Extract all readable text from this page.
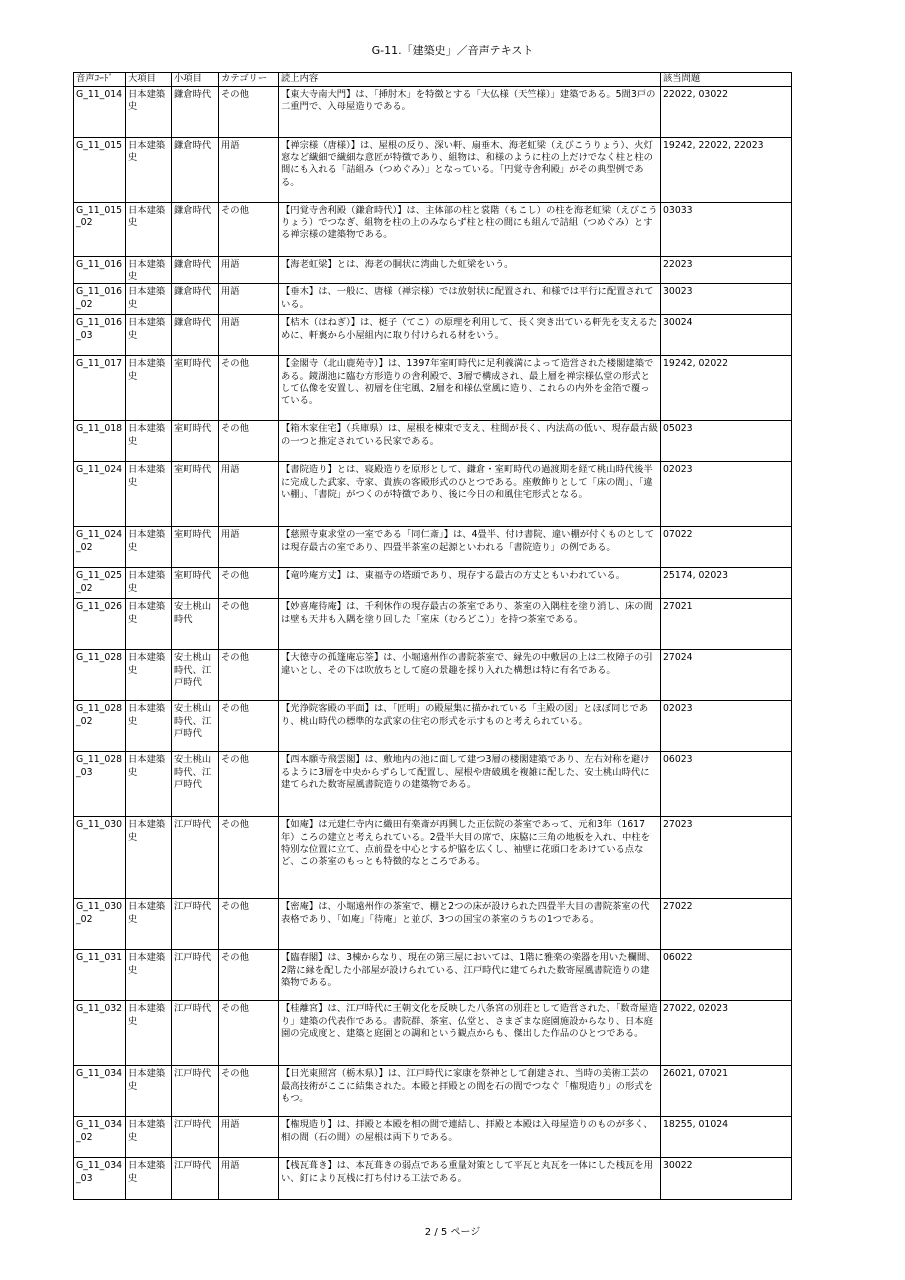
G-11.「建築史」／音声テキスト
音声ｺｰﾄﾞ	大項目	小項目	カテゴリー	読上内容	該当問題
G_11_014	日本建築史	鎌倉時代	その他	【東大寺南大門】は、「挿肘木」を特徴とする「大仏様（天竺様）」建築である。5間3戸の二重門で、入母屋造りである。	22022, 03022
G_11_015	日本建築史	鎌倉時代	用語	【禅宗様（唐様）】は、屋根の反り、深い軒、扇垂木、海老虹梁（えびこうりょう）、火灯窓など繊細で繊細な意匠が特徴であり、組物は、和様のように柱の上だけでなく柱と柱の間にも入れる「詰組み（つめぐみ）」となっている。「円覚寺舎利殿」がその典型例である。	19242, 22022, 22023
G_11_015_02	日本建築史	鎌倉時代	その他	【円覚寺舎利殿（鎌倉時代）】は、主体部の柱と裳階（もこし）の柱を海老虹梁（えびこうりょう）でつなぎ、組物を柱の上のみならず柱と柱の間にも組んで詰組（つめぐみ）とする禅宗様の建築物である。	03033
G_11_016	日本建築史	鎌倉時代	用語	【海老虹梁】とは、海老の胴状に湾曲した虹梁をいう。	22023
G_11_016_02	日本建築史	鎌倉時代	用語	【垂木】は、一般に、唐様（禅宗様）では放射状に配置され、和様では平行に配置されている。	30023
G_11_016_03	日本建築史	鎌倉時代	用語	【桔木（はねぎ）】は、梃子（てこ）の原理を利用して、長く突き出ている軒先を支えるために、軒裏から小屋組内に取り付けられる材をいう。	30024
G_11_017	日本建築史	室町時代	その他	【金閣寺（北山鹿苑寺）】は、1397年室町時代に足利義満によって造営された楼閣建築である。鏡湖池に臨む方形造りの舎利殿で、3層で構成され、最上層を禅宗様仏堂の形式として仏像を安置し、初層を住宅風、2層を和様仏堂風に造り、これらの内外を金箔で覆っている。	19242, 02022
G_11_018	日本建築史	室町時代	その他	【箱木家住宅】（兵庫県）は、屋根を棟束で支え、柱間が長く、内法高の低い、現存最古級の一つと推定されている民家である。	05023
G_11_024	日本建築史	室町時代	用語	【書院造り】とは、寝殿造りを原形として、鎌倉・室町時代の過渡期を経て桃山時代後半に完成した武家、寺家、貴族の客殿形式のひとつである。座敷飾りとして「床の間」、「違い棚」、「書院」がつくのが特徴であり、後に今日の和風住宅形式となる。	02023
G_11_024_02	日本建築史	室町時代	用語	【慈照寺東求堂の一室である「同仁斎」】は、4畳半、付け書院、違い棚が付くものとしては現存最古の室であり、四畳半茶室の起源といわれる「書院造り」の例である。	07022
G_11_025_02	日本建築史	室町時代	その他	【竜吟庵方丈】は、東福寺の塔頭であり、現存する最古の方丈ともいわれている。	25174, 02023
G_11_026	日本建築史	安土桃山時代	その他	【妙喜庵待庵】は、千利休作の現存最古の茶室であり、茶室の入隅柱を塗り消し、床の間は壁も天井も入隅を塗り回した「室床（むろどこ）」を持つ茶室である。	27021
G_11_028	日本建築史	安土桃山時代、江戸時代	その他	【大徳寺の孤篷庵忘筌】は、小堀遠州作の書院茶室で、縁先の中敷居の上は二枚障子の引違いとし、その下は吹放ちとして庭の景趣を採り入れた構想は特に有名である。	27024
G_11_028_02	日本建築史	安土桃山時代、江戸時代	その他	【光浄院客殿の平面】は、「匠明」の殿屋集に描かれている「主殿の図」とほぼ同じであり、桃山時代の標準的な武家の住宅の形式を示すものと考えられている。	02023
G_11_028_03	日本建築史	安土桃山時代、江戸時代	その他	【西本願寺飛雲閣】は、敷地内の池に面して建つ3層の楼閣建築であり、左右対称を避けるように3層を中央からずらして配置し、屋根や唐破風を複雑に配した、安土桃山時代に建てられた数寄屋風書院造りの建築物である。	06023
G_11_030	日本建築史	江戸時代	その他	【如庵】は元建仁寺内に織田有楽斎が再興した正伝院の茶室であって、元和3年（1617年）ころの建立と考えられている。2畳半大目の席で、床脇に三角の地板を入れ、中柱を特別な位置に立て、点前畳を中心とする炉脇を広くし、袖壁に花頭口をあけている点など、この茶室のもっとも特徴的なところである。	27023
G_11_030_02	日本建築史	江戸時代	その他	【密庵】は、小堀遠州作の茶室で、棚と2つの床が設けられた四畳半大目の書院茶室の代表格であり、「如庵」「待庵」と並び、3つの国宝の茶室のうちの1つである。	27022
G_11_031	日本建築史	江戸時代	その他	【臨春閣】は、3棟からなり、現在の第三屋においては、1階に雅楽の楽器を用いた欄間、2階に縁を配した小部屋が設けられている、江戸時代に建てられた数寄屋風書院造りの建築物である。	06022
G_11_032	日本建築史	江戸時代	その他	【桂離宮】は、江戸時代に王朝文化を反映した八条宮の別荘として造営された、「数奇屋造り」建築の代表作である。書院群、茶室、仏堂と、さまざまな庭園施設からなり、日本庭園の完成度と、建築と庭園との調和という観点からも、傑出した作品のひとつである。	27022, 02023
G_11_034	日本建築史	江戸時代	その他	【日光東照宮（栃木県）】は、江戸時代に家康を祭神として創建され、当時の美術工芸の最高技術がここに結集された。本殿と拝殿との間を石の間でつなぐ「権現造り」の形式をもつ。	26021, 07021
G_11_034_02	日本建築史	江戸時代	用語	【権現造り】は、拝殿と本殿を相の間で連結し、拝殿と本殿は入母屋造りのものが多く、相の間（石の間）の屋根は両下りである。	18255, 01024
G_11_034_03	日本建築史	江戸時代	用語	【桟瓦葺き】は、本瓦葺きの弱点である重量対策として平瓦と丸瓦を一体にした桟瓦を用い、釘により瓦桟に打ち付ける工法である。	30022
2 / 5 ページ
